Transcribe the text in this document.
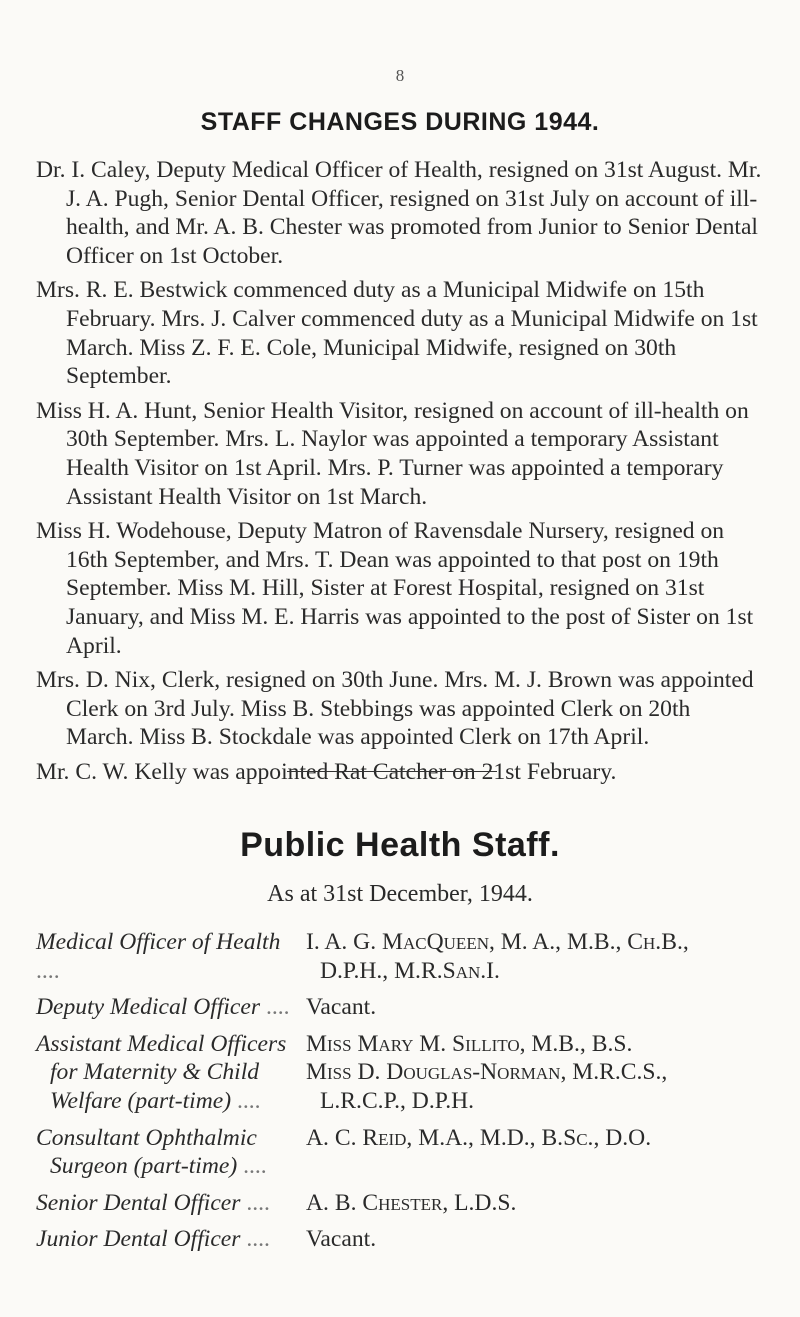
8
STAFF CHANGES DURING 1944.

Dr. I. Caley, Deputy Medical Officer of Health, resigned on 31st August. Mr. J. A. Pugh, Senior Dental Officer, resigned on 31st July on account of ill-health, and Mr. A. B. Chester was promoted from Junior to Senior Dental Officer on 1st October.

Mrs. R. E. Bestwick commenced duty as a Municipal Midwife on 15th February. Mrs. J. Calver commenced duty as a Municipal Midwife on 1st March. Miss Z. F. E. Cole, Municipal Midwife, resigned on 30th September.

Miss H. A. Hunt, Senior Health Visitor, resigned on account of ill-health on 30th September. Mrs. L. Naylor was appointed a temporary Assistant Health Visitor on 1st April. Mrs. P. Turner was appointed a temporary Assistant Health Visitor on 1st March.

Miss H. Wodehouse, Deputy Matron of Ravensdale Nursery, resigned on 16th September, and Mrs. T. Dean was appointed to that post on 19th September. Miss M. Hill, Sister at Forest Hospital, resigned on 31st January, and Miss M. E. Harris was appointed to the post of Sister on 1st April.

Mrs. D. Nix, Clerk, resigned on 30th June. Mrs. M. J. Brown was appointed Clerk on 3rd July. Miss B. Stebbings was appointed Clerk on 20th March. Miss B. Stockdale was appointed Clerk on 17th April.

Mr. C. W. Kelly was appointed Rat Catcher on 21st February.

Public Health Staff.
As at 31st December, 1944.
Medical Officer of Health ....
I. A. G. MacQueen, M. A., M.B., Ch.B.,
D.P.H., M.R.San.I.
Deputy Medical Officer .... Vacant.
Assistant Medical Officers
for Maternity & Child
Welfare (part-time) ....
Miss Mary M. Sillito, M.B., B.S.
Miss D. Douglas-Norman, M.R.C.S.,
L.R.C.P., D.P.H.
Consultant Ophthalmic
Surgeon (part-time) ....
A. C. Reid, M.A., M.D., B.Sc., D.O.
Senior Dental Officer ....	A. B. Chester, L.D.S.
Junior Dental Officer ....	Vacant.
